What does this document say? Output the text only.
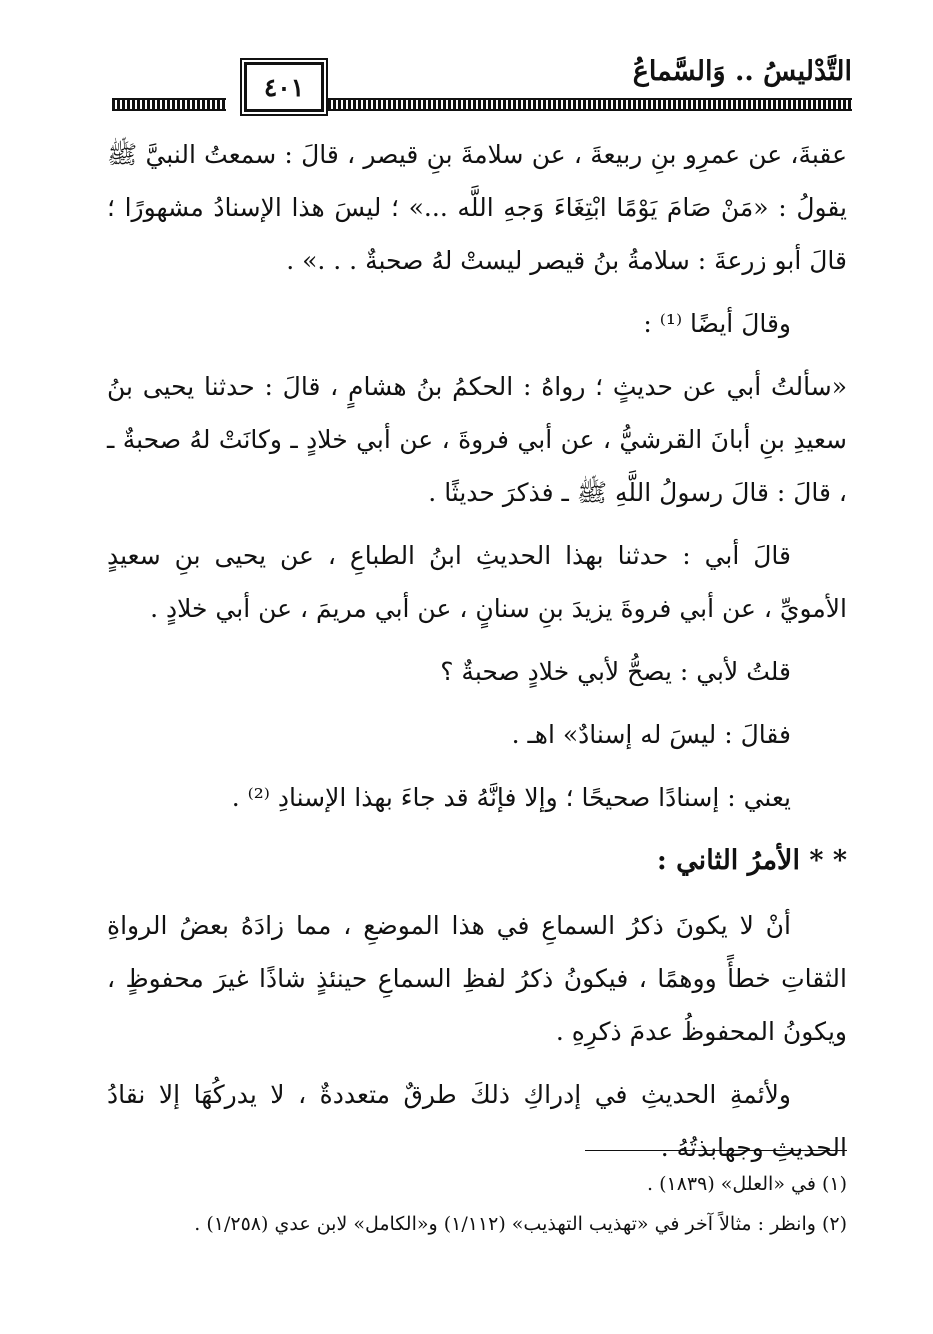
التَّدْليسُ .. وَالسَّماعُ
٤٠١

عقبةَ، عن عمرِو بنِ ربيعةَ ، عن سلامةَ بنِ قيصر ، قالَ : سمعتُ النبيَّ ﷺ يقولُ : «مَنْ صَامَ يَوْمًا ابْتِغَاءَ وَجهِ اللَّه ...» ؛ ليسَ هذا الإسنادُ مشهورًا ؛ قالَ أبو زرعةَ : سلامةُ بنُ قيصر ليستْ لهُ صحبةٌ . . .» .

وقالَ أيضًا ⁽¹⁾ :

«سألتُ أبي عن حديثٍ ؛ رواهُ : الحكمُ بنُ هشامٍ ، قالَ : حدثنا يحيى بنُ سعيدِ بنِ أبانَ القرشيُّ ، عن أبي فروةَ ، عن أبي خلادٍ ـ وكانَتْ لهُ صحبةٌ ـ ، قالَ : قالَ رسولُ اللَّهِ ﷺ ـ فذكرَ حديثًا .

قالَ أبي : حدثنا بهذا الحديثِ ابنُ الطباعِ ، عن يحيى بنِ سعيدٍ الأمويِّ ، عن أبي فروةَ يزيدَ بنِ سنانٍ ، عن أبي مريمَ ، عن أبي خلادٍ .

قلتُ لأبي : يصحُّ لأبي خلادٍ صحبةٌ ؟

فقالَ : ليسَ له إسنادٌ» اهـ .

يعني : إسنادًا صحيحًا ؛ وإلا فإنَّهُ قد جاءَ بهذا الإسنادِ ⁽²⁾ .

* * الأمرُ الثاني :

أنْ لا يكونَ ذكرُ السماعِ في هذا الموضعِ ، مما زادَهُ بعضُ الرواةِ الثقاتِ خطأً ووهمًا ، فيكونُ ذكرُ لفظِ السماعِ حينئذٍ شاذًا غيرَ محفوظٍ ، ويكونُ المحفوظُ عدمَ ذكرِهِ .

ولأئمةِ الحديثِ في إدراكِ ذلكَ طرقٌ متعددةٌ ، لا يدركُهَا إلا نقادُ الحديثِ وجهابذتُهُ .

(١) في «العلل» (١٨٣٩) .
(٢) وانظر : مثالاً آخر في «تهذيب التهذيب» (١/١١٢) و«الكامل» لابن عدي (١/٢٥٨) .
